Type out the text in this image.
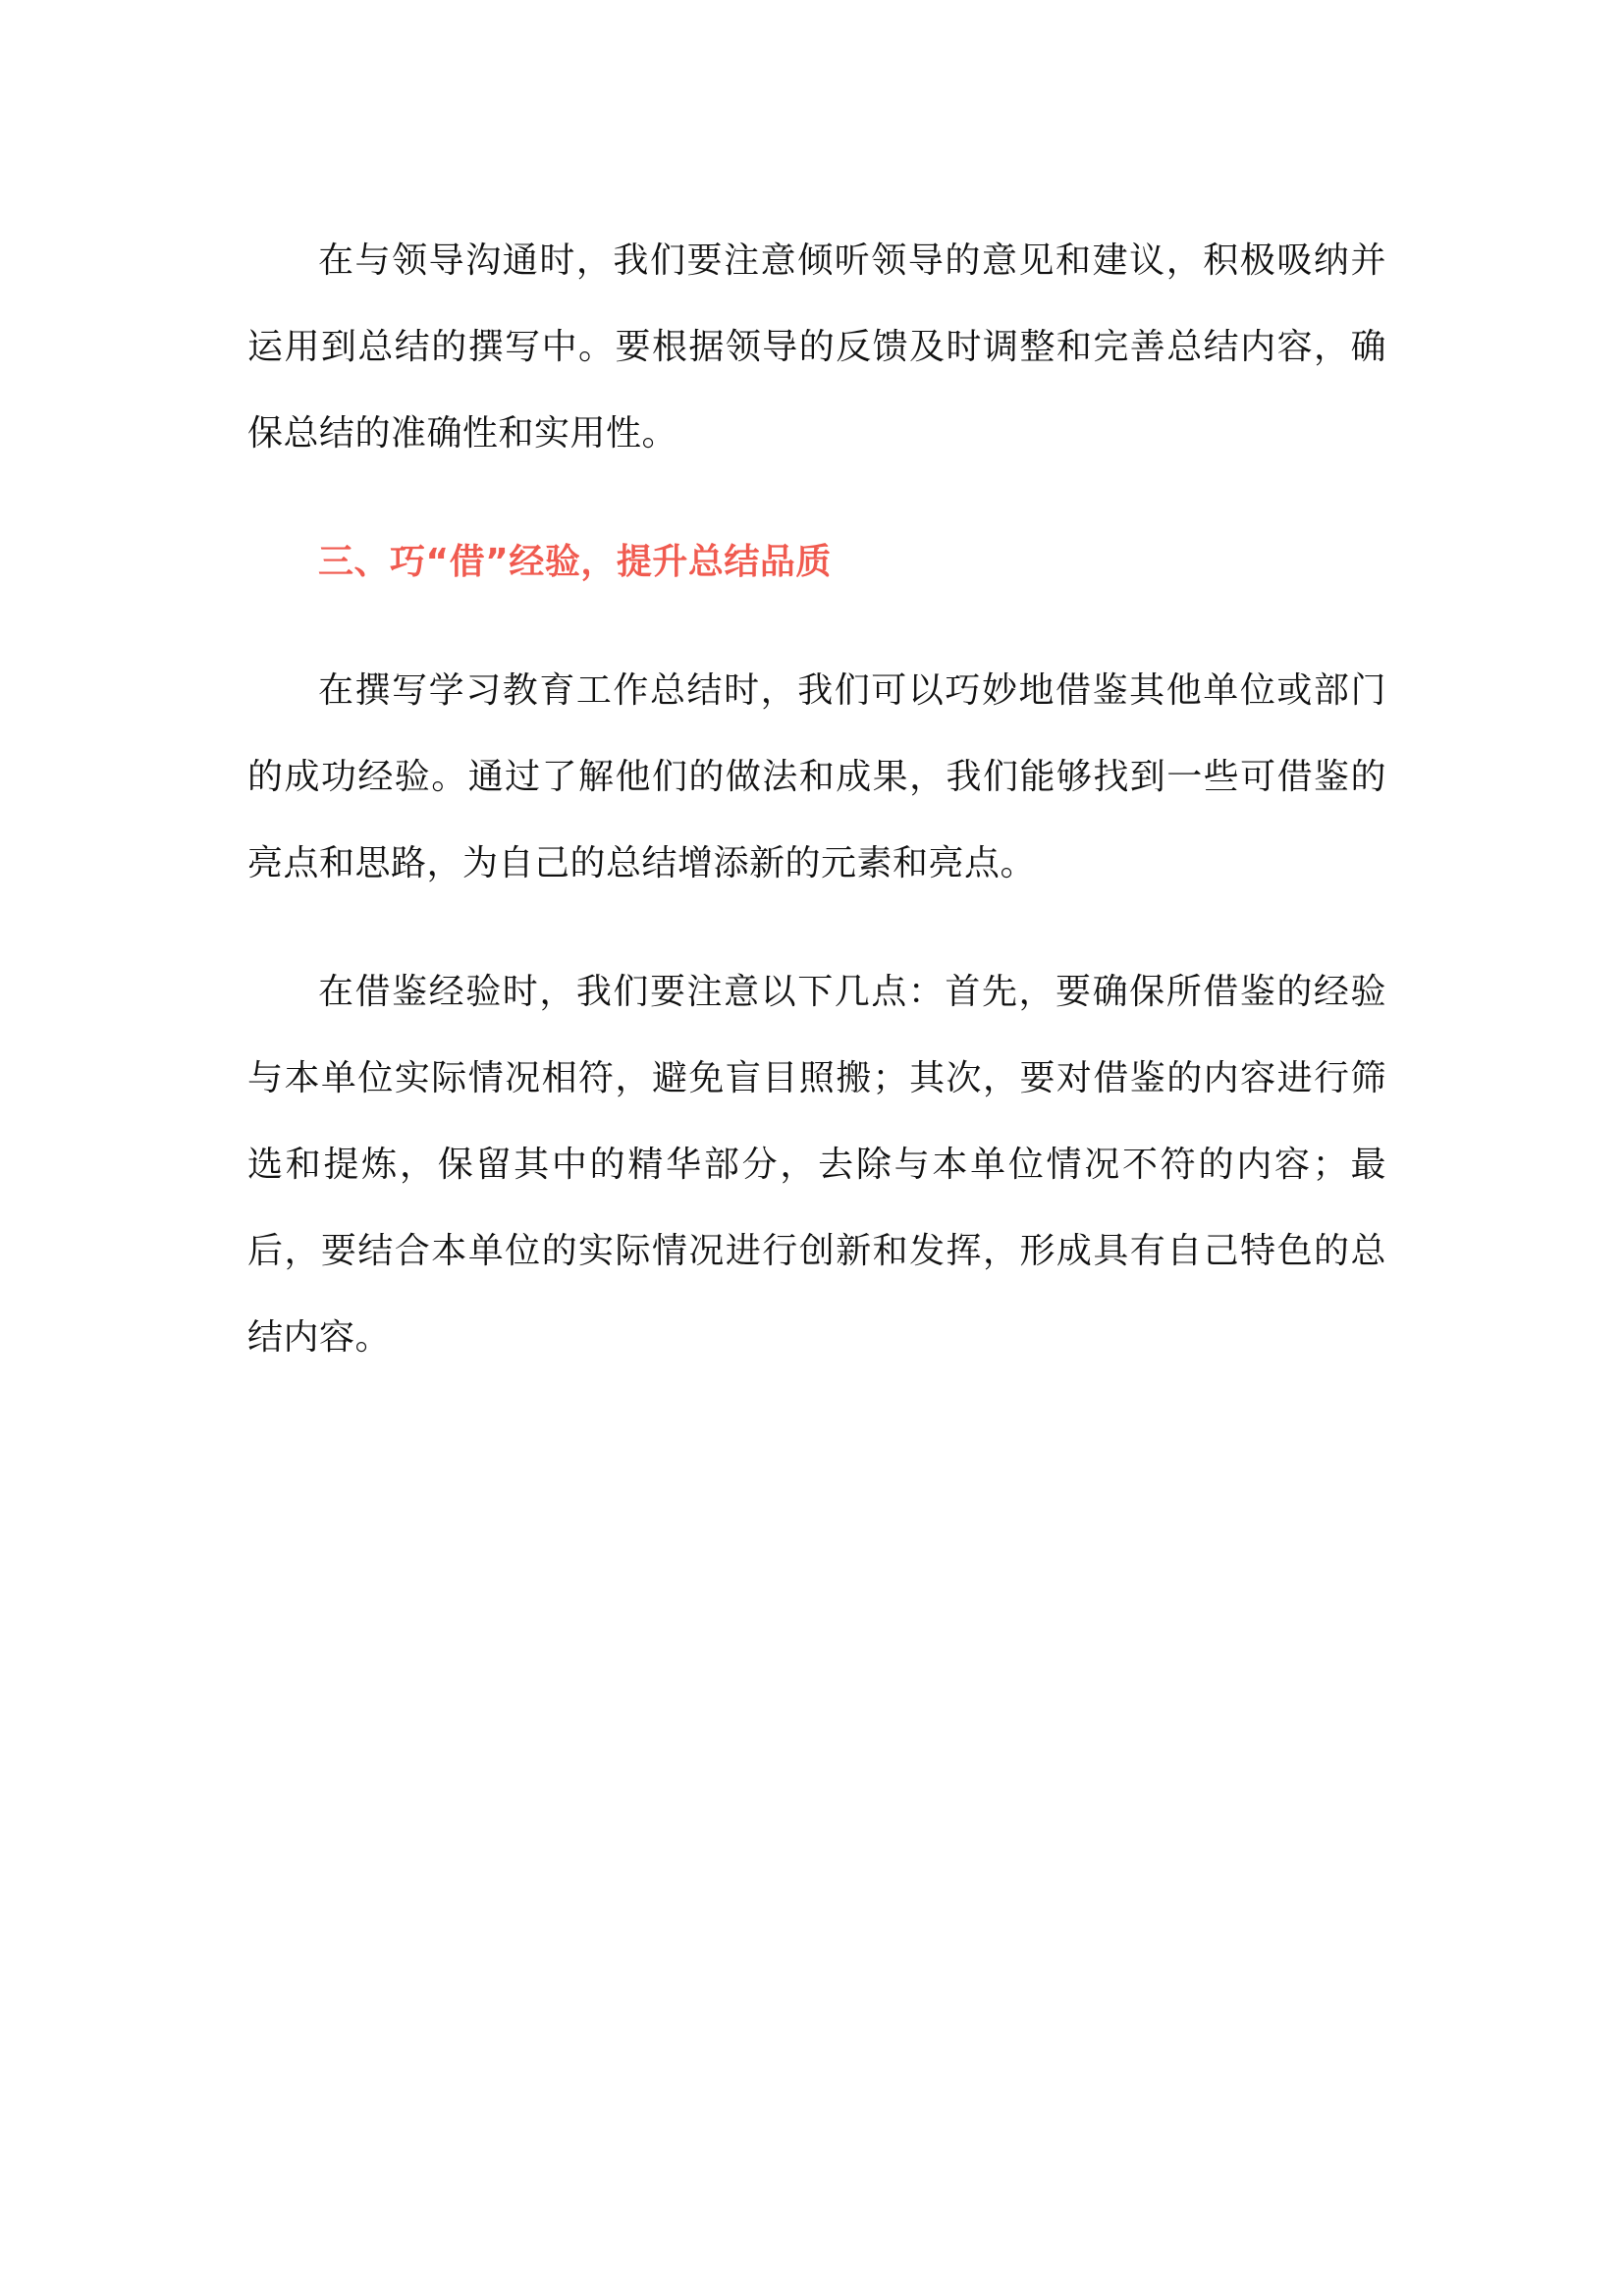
在与领导沟通时，我们要注意倾听领导的意见和建议，积极吸纳并运用到总结的撰写中。要根据领导的反馈及时调整和完善总结内容，确保总结的准确性和实用性。

三、巧“借”经验，提升总结品质

在撰写学习教育工作总结时，我们可以巧妙地借鉴其他单位或部门的成功经验。通过了解他们的做法和成果，我们能够找到一些可借鉴的亮点和思路，为自己的总结增添新的元素和亮点。

在借鉴经验时，我们要注意以下几点：首先，要确保所借鉴的经验与本单位实际情况相符，避免盲目照搬；其次，要对借鉴的内容进行筛选和提炼，保留其中的精华部分，去除与本单位情况不符的内容；最后，要结合本单位的实际情况进行创新和发挥，形成具有自己特色的总结内容。
